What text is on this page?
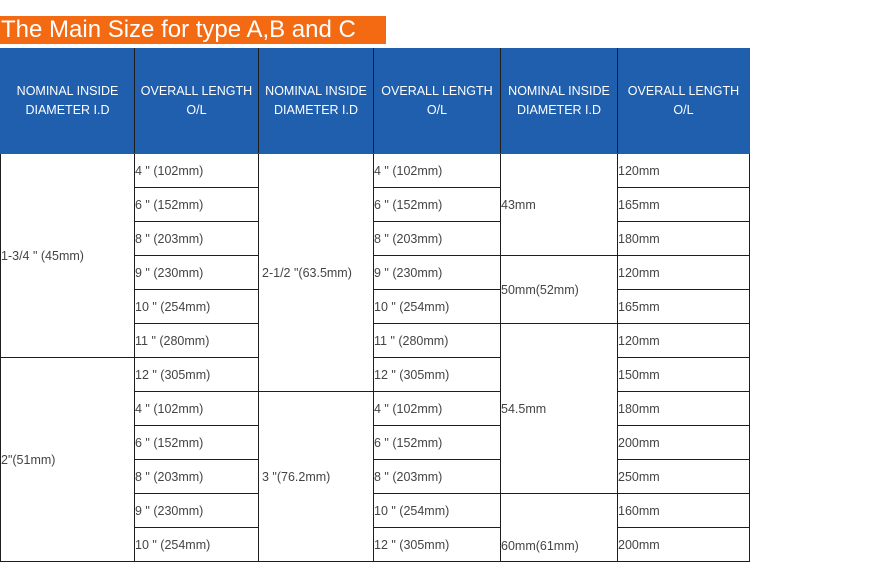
The Main Size for type A,B and C
NOMINAL INSIDE DIAMETER I.D	OVERALL LENGTH O/L	NOMINAL INSIDE DIAMETER I.D	OVERALL LENGTH O/L	NOMINAL INSIDE DIAMETER I.D	OVERALL LENGTH O/L
1-3/4 " (45mm)	4 " (102mm)	2-1/2 "(63.5mm)	4 " (102mm)	43mm	120mm
	6 " (152mm)		6 " (152mm)		165mm
	8 " (203mm)		8 " (203mm)		180mm
	9 " (230mm)		9 " (230mm)	50mm(52mm)	120mm
	10 " (254mm)		10 " (254mm)		165mm
	11 " (280mm)		11 " (280mm)	54.5mm	120mm
2"(51mm)	12 " (305mm)		12 " (305mm)		150mm
	4 " (102mm)	3 "(76.2mm)	4 " (102mm)		180mm
	6 " (152mm)		6 " (152mm)		200mm
	8 " (203mm)		8 " (203mm)		250mm
	9 " (230mm)		10 " (254mm)	60mm(61mm)	160mm
	10 " (254mm)		12 " (305mm)		200mm
